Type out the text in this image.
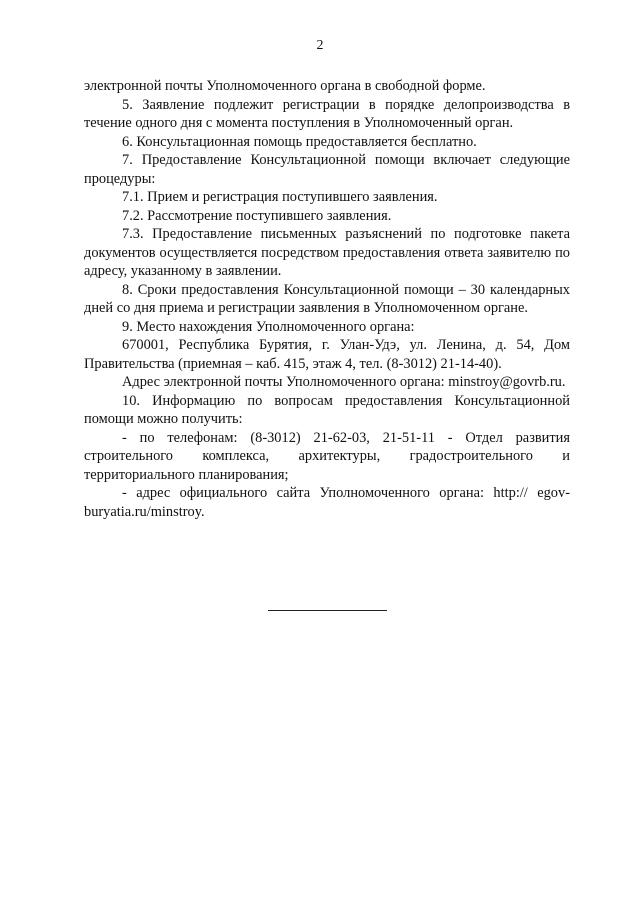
2

электронной почты Уполномоченного органа в свободной форме.

5. Заявление подлежит регистрации в порядке делопроизводства в течение одного дня с момента поступления в Уполномоченный орган.

6. Консультационная помощь предоставляется бесплатно.

7. Предоставление Консультационной помощи включает следующие процедуры:

7.1. Прием и регистрация поступившего заявления.

7.2. Рассмотрение поступившего заявления.

7.3. Предоставление письменных разъяснений по подготовке пакета документов осуществляется посредством предоставления ответа заявителю по адресу, указанному в заявлении.

8. Сроки предоставления Консультационной помощи – 30 календарных дней со дня приема и регистрации заявления в Уполномоченном органе.

9. Место нахождения Уполномоченного органа:

670001, Республика Бурятия, г. Улан-Удэ, ул. Ленина, д. 54, Дом Правительства (приемная – каб. 415, этаж 4, тел. (8-3012) 21-14-40).

Адрес электронной почты Уполномоченного органа: minstroy@govrb.ru.

10. Информацию по вопросам предоставления Консультационной помощи можно получить:

- по телефонам: (8-3012) 21-62-03, 21-51-11 - Отдел развития строительного комплекса, архитектуры, градостроительного и территориального планирования;

- адрес официального сайта Уполномоченного органа: http:// egov-buryatia.ru/minstroy.
